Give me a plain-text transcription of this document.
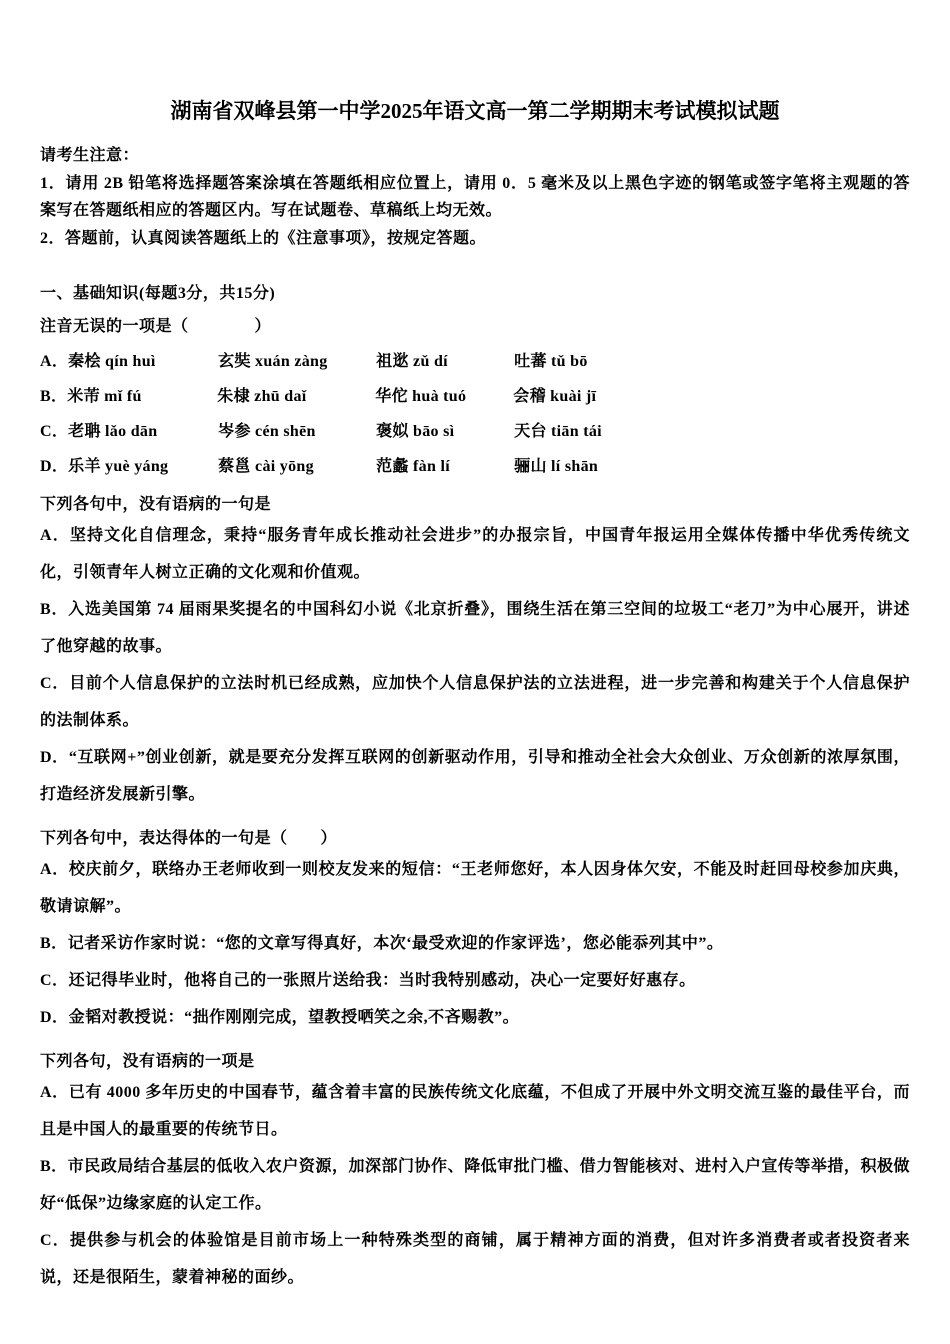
湖南省双峰县第一中学2025年语文高一第二学期期末考试模拟试题

请考生注意：

1．请用 2B 铅笔将选择题答案涂填在答题纸相应位置上，请用 0．5 毫米及以上黑色字迹的钢笔或签字笔将主观题的答案写在答题纸相应的答题区内。写在试题卷、草稿纸上均无效。

2．答题前，认真阅读答题纸上的《注意事项》，按规定答题。

一、基础知识(每题3分，共15分)

注音无误的一项是（　　　　）

A．秦桧 qín huì	玄奘 xuán zàng	祖逖 zǔ dí	吐蕃 tǔ bō

B．米芾 mǐ fú	朱棣 zhū daǐ	华佗 huà tuó	会稽 kuài jī

C．老聃 lǎo dān	岑参 cén shēn	褒姒 bāo sì	天台 tiān tái

D．乐羊 yuè yáng	蔡邕 cài yōng	范蠡 fàn lí	骊山 lí shān

下列各句中，没有语病的一句是

A．坚持文化自信理念，秉持“服务青年成长推动社会进步”的办报宗旨，中国青年报运用全媒体传播中华优秀传统文化，引领青年人树立正确的文化观和价值观。

B．入选美国第 74 届雨果奖提名的中国科幻小说《北京折叠》，围绕生活在第三空间的垃圾工“老刀”为中心展开，讲述了他穿越的故事。

C．目前个人信息保护的立法时机已经成熟，应加快个人信息保护法的立法进程，进一步完善和构建关于个人信息保护的法制体系。

D．“互联网+”创业创新，就是要充分发挥互联网的创新驱动作用，引导和推动全社会大众创业、万众创新的浓厚氛围，打造经济发展新引擎。

下列各句中，表达得体的一句是（　　）

A．校庆前夕，联络办王老师收到一则校友发来的短信：“王老师您好，本人因身体欠安，不能及时赶回母校参加庆典，敬请谅解”。

B．记者采访作家时说：“您的文章写得真好，本次‘最受欢迎的作家评选’，您必能忝列其中”。

C．还记得毕业时，他将自己的一张照片送给我：当时我特别感动，决心一定要好好惠存。

D．金韬对教授说：“拙作刚刚完成，望教授哂笑之余,不吝赐教”。

下列各句，没有语病的一项是

A．已有 4000 多年历史的中国春节，蕴含着丰富的民族传统文化底蕴，不但成了开展中外文明交流互鉴的最佳平台，而且是中国人的最重要的传统节日。

B．市民政局结合基层的低收入农户资源，加深部门协作、降低审批门槛、借力智能核对、进村入户宣传等举措，积极做好“低保”边缘家庭的认定工作。

C．提供参与机会的体验馆是目前市场上一种特殊类型的商铺，属于精神方面的消费，但对许多消费者或者投资者来说，还是很陌生，蒙着神秘的面纱。
